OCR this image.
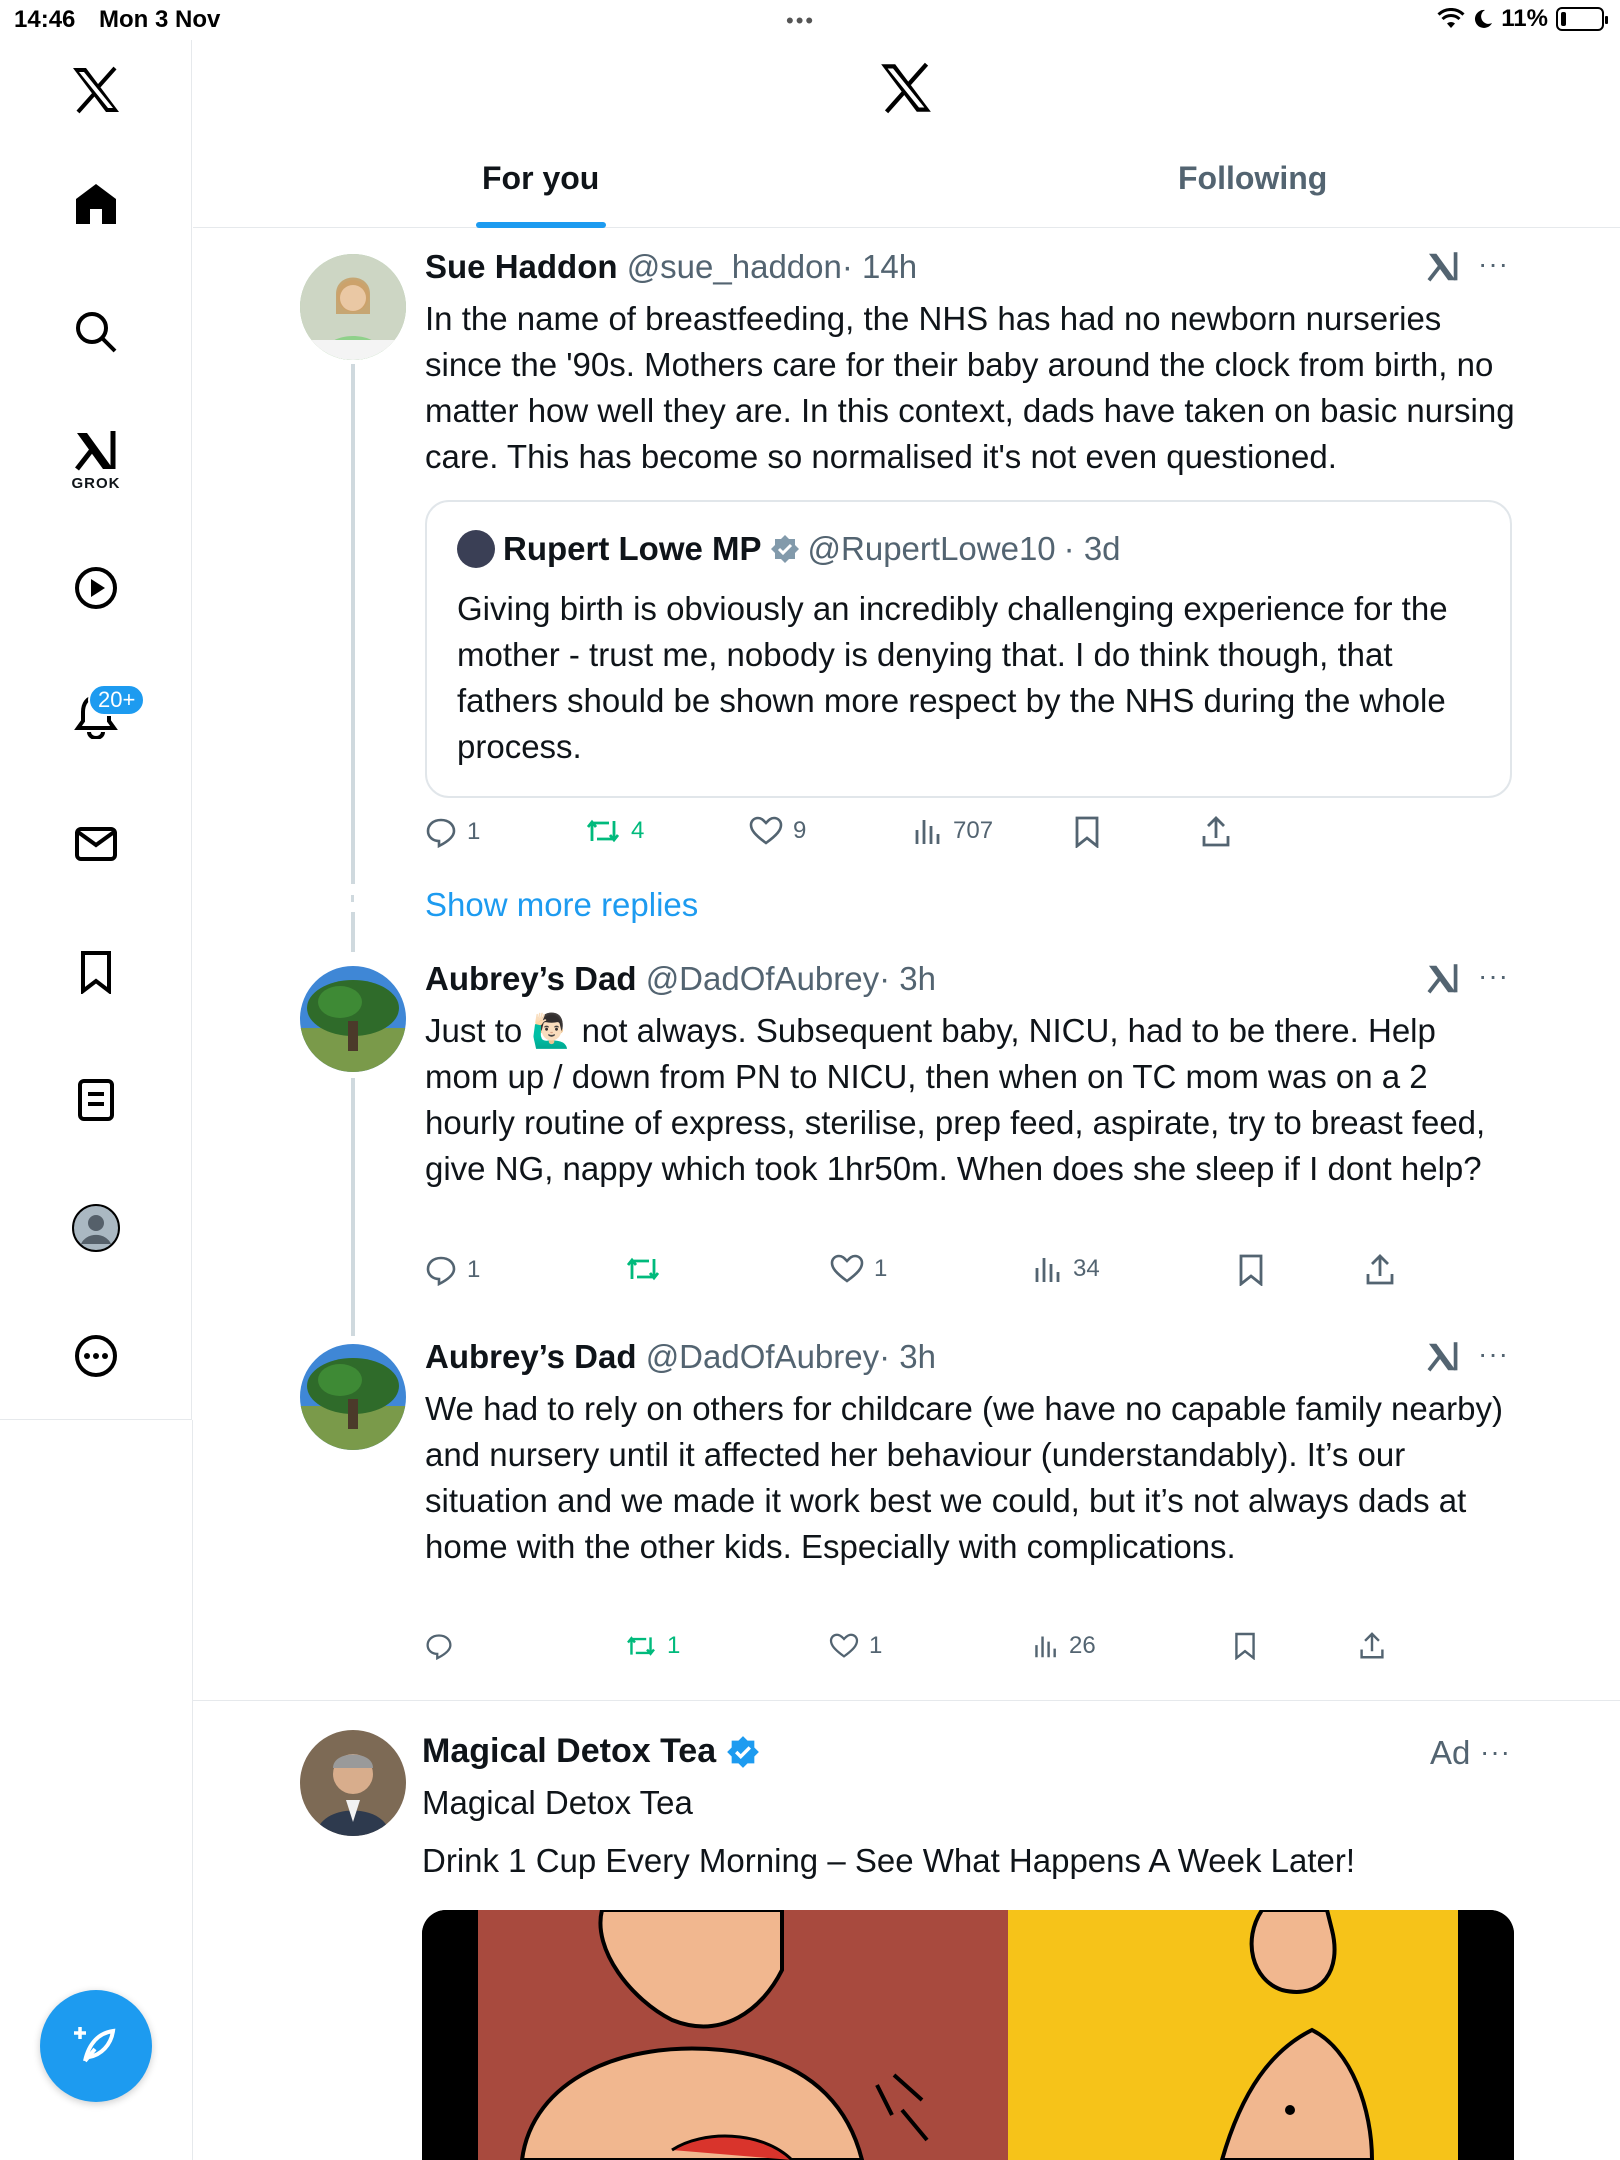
14:46 Mon 3 Nov	•••	11%
GROK
20+
For you	Following
Sue Haddon @sue_haddon· 14h	···
In the name of breastfeeding, the NHS has had no newborn nurseries since the '90s. Mothers care for their baby around the clock from birth, no matter how well they are. In this context, dads have taken on basic nursing care. This has become so normalised it's not even questioned.
Rupert Lowe MP @RupertLowe10 · 3d
Giving birth is obviously an incredibly challenging experience for the mother - trust me, nobody is denying that. I do think though, that fathers should be shown more respect by the NHS during the whole process.
1	4	9	707
Show more replies
Aubrey’s Dad @DadOfAubrey· 3h	···
Just to 🙋🏻‍♂️ not always. Subsequent baby, NICU, had to be there. Help mom up / down from PN to NICU, then when on TC mom was on a 2 hourly routine of express, sterilise, prep feed, aspirate, try to breast feed, give NG, nappy which took 1hr50m. When does she sleep if I dont help?
1	1	34
Aubrey’s Dad @DadOfAubrey· 3h	···
We had to rely on others for childcare (we have no capable family nearby) and nursery until it affected her behaviour (understandably). It’s our situation and we made it work best we could, but it’s not always dads at home with the other kids. Especially with complications.
1	1	26
Magical Detox Tea	Ad ···
Magical Detox Tea
Drink 1 Cup Every Morning – See What Happens A Week Later!
